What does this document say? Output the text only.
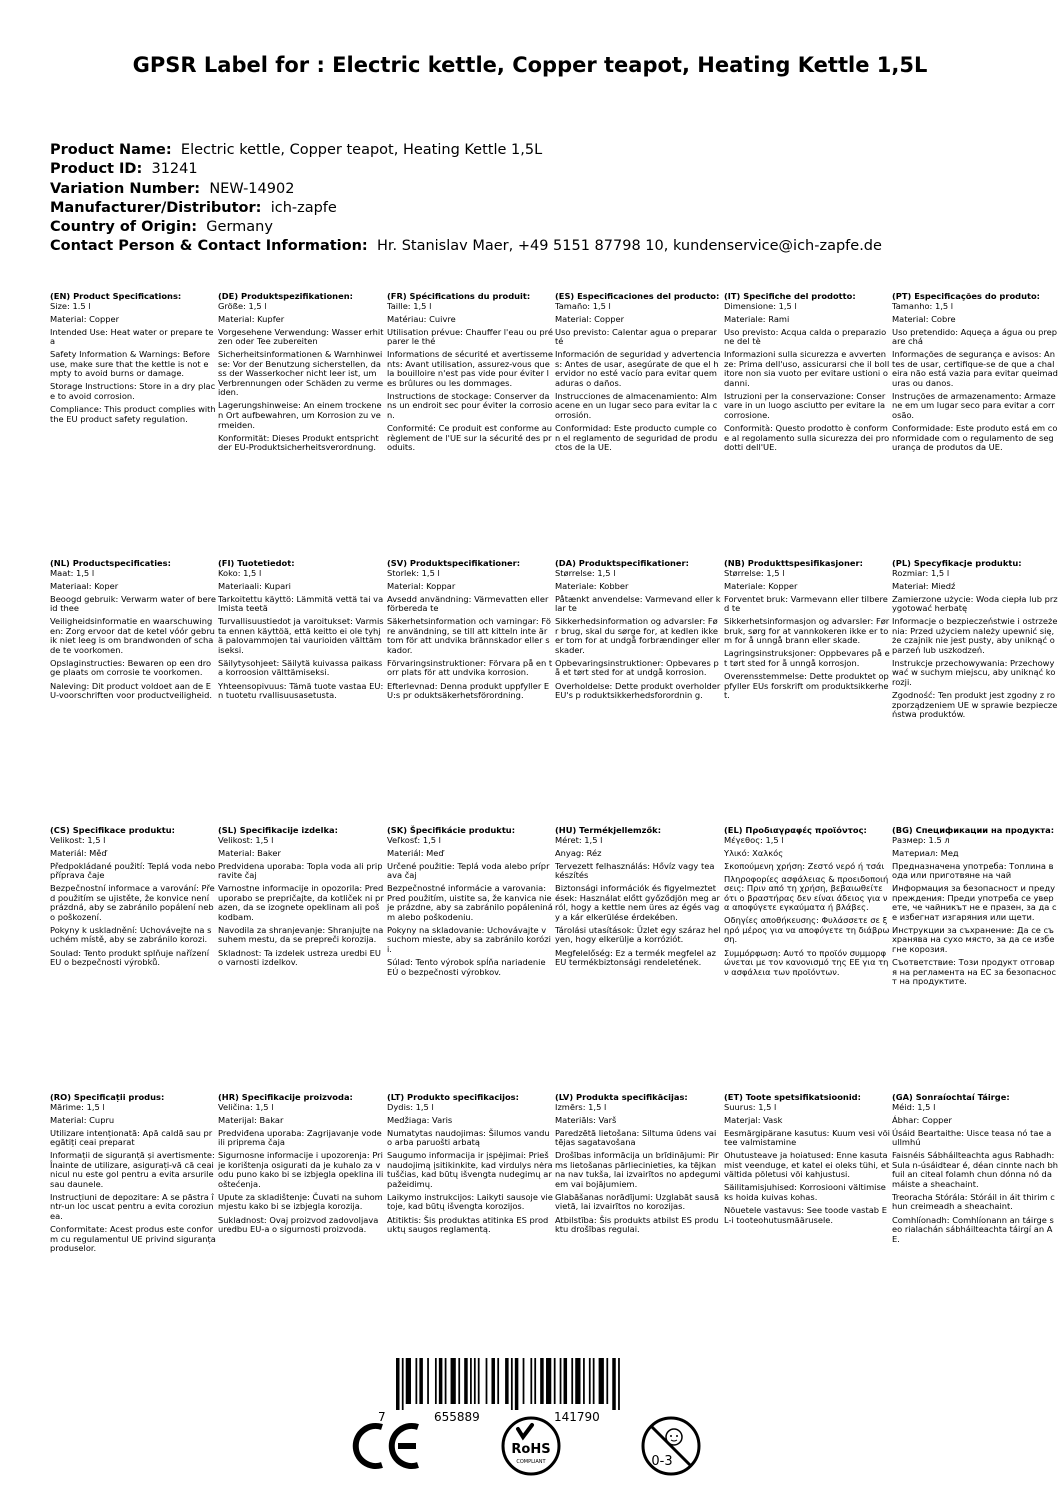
GPSR Label for : Electric kettle, Copper teapot, Heating Kettle 1,5L
Product Name: Electric kettle, Copper teapot, Heating Kettle 1,5L
Product ID: 31241
Variation Number: NEW-14902
Manufacturer/Distributor: ich-zapfe
Country of Origin: Germany
Contact Person & Contact Information: Hr. Stanislav Maer, +49 5151 87798 10, kundenservice@ich-zapfe.de
(EN) Product Specifications:
Size: 1.5 l
Material: Copper
Intended Use: Heat water or prepare tea
Safety Information & Warnings: Before use, make sure that the kettle is not empty to avoid burns or damage.
Storage Instructions: Store in a dry place to avoid corrosion.
Compliance: This product complies with the EU product safety regulation.
(DE) Produktspezifikationen:
Größe: 1,5 l
Material: Kupfer
Vorgesehene Verwendung: Wasser erhitzen oder Tee zubereiten
Sicherheitsinformationen & Warnhinweise: Vor der Benutzung sicherstellen, dass der Wasserkocher nicht leer ist, um Verbrennungen oder Schäden zu vermeiden.
Lagerungshinweise: An einem trockenen Ort aufbewahren, um Korrosion zu vermeiden.
Konformität: Dieses Produkt entspricht der EU-Produktsicherheitsverordnung.
(FR) Spécifications du produit:
Taille: 1,5 l
Matériau: Cuivre
Utilisation prévue: Chauffer l'eau ou préparer le thé
Informations de sécurité et avertissements: Avant utilisation, assurez-vous que la bouilloire n'est pas vide pour éviter les brûlures ou les dommages.
Instructions de stockage: Conserver dans un endroit sec pour éviter la corrosion.
Conformité: Ce produit est conforme au règlement de l'UE sur la sécurité des produits.
(ES) Especificaciones del producto:
Tamaño: 1,5 l
Material: Copper
Uso previsto: Calentar agua o preparar té
Información de seguridad y advertencias: Antes de usar, asegúrate de que el hervidor no esté vacío para evitar quemaduras o daños.
Instrucciones de almacenamiento: Almacene en un lugar seco para evitar la corrosión.
Conformidad: Este producto cumple con el reglamento de seguridad de productos de la UE.
(IT) Specifiche del prodotto:
Dimensione: 1,5 l
Materiale: Rami
Uso previsto: Acqua calda o preparazione del tè
Informazioni sulla sicurezza e avvertenze: Prima dell'uso, assicurarsi che il bollitore non sia vuoto per evitare ustioni o danni.
Istruzioni per la conservazione: Conservare in un luogo asciutto per evitare la corrosione.
Conformità: Questo prodotto è conforme al regolamento sulla sicurezza dei prodotti dell'UE.
(PT) Especificações do produto:
Tamanho: 1,5 l
Material: Cobre
Uso pretendido: Aqueça a água ou prepare chá
Informações de segurança e avisos: Antes de usar, certifique-se de que a chaleira não está vazia para evitar queimaduras ou danos.
Instruções de armazenamento: Armazene em um lugar seco para evitar a corrosão.
Conformidade: Este produto está em conformidade com o regulamento de segurança de produtos da UE.
(NL) Productspecificaties:
Maat: 1,5 l
Materiaal: Koper
Beoogd gebruik: Verwarm water of bereid thee
Veiligheidsinformatie en waarschuwingen: Zorg ervoor dat de ketel vóór gebruik niet leeg is om brandwonden of schade te voorkomen.
Opslaginstructies: Bewaren op een droge plaats om corrosie te voorkomen.
Naleving: Dit product voldoet aan de EU-voorschriften voor productveiligheid.
(FI) Tuotetiedot:
Koko: 1,5 l
Materiaali: Kupari
Tarkoitettu käyttö: Lämmitä vettä tai valmista teetä
Turvallisuustiedot ja varoitukset: Varmista ennen käyttöä, että keitto ei ole tyhjä palovammojen tai vaurioiden välttämiseksi.
Säilytysohjeet: Säilytä kuivassa paikassa korroosion välttämiseksi.
Yhteensopivuus: Tämä tuote vastaa EU:n tuotetu rvallisuusasetusta.
(SV) Produktspecifikationer:
Storlek: 1,5 l
Material: Koppar
Avsedd användning: Värmevatten eller förbereda te
Säkerhetsinformation och varningar: Före användning, se till att kitteln inte är tom för att undvika brännskador eller skador.
Förvaringsinstruktioner: Förvara på en torr plats för att undvika korrosion.
Efterlevnad: Denna produkt uppfyller EU:s pr oduktsäkerhetsförordning.
(DA) Produktspecifikationer:
Størrelse: 1,5 l
Materiale: Kobber
Påtænkt anvendelse: Varmevand eller klar te
Sikkerhedsinformation og advarsler: Før brug, skal du sørge for, at kedlen ikke er tom for at undgå forbrændinger eller skader.
Opbevaringsinstruktioner: Opbevares på et tørt sted for at undgå korrosion.
Overholdelse: Dette produkt overholder EU's p roduktsikkerhedsforordnin g.
(NB) Produkttspesifikasjoner:
Størrelse: 1,5 l
Materiale: Kopper
Forventet bruk: Varmevann eller tilbered te
Sikkerhetsinformasjon og advarsler: Før bruk, sørg for at vannkokeren ikke er tom for å unngå brann eller skade.
Lagringsinstruksjoner: Oppbevares på et tørt sted for å unngå korrosjon.
Overensstemmelse: Dette produktet oppfyller EUs forskrift om produktsikkerhet.
(PL) Specyfikacje produktu:
Rozmiar: 1,5 l
Materiał: Miedź
Zamierzone użycie: Woda ciepła lub przygotować herbatę
Informacje o bezpieczeństwie i ostrzeżenia: Przed użyciem należy upewnić się, że czajnik nie jest pusty, aby uniknąć oparzeń lub uszkodzeń.
Instrukcje przechowywania: Przechowywać w suchym miejscu, aby uniknąć korozji.
Zgodność: Ten produkt jest zgodny z rozporządzeniem UE w sprawie bezpieczeństwa produktów.
(CS) Specifikace produktu:
Velikost: 1,5 l
Materiál: Měď
Předpokládané použití: Teplá voda nebo příprava čaje
Bezpečnostní informace a varování: Před použitím se ujistěte, že konvice není prázdná, aby se zabránilo popálení nebo poškození.
Pokyny k uskladnění: Uchovávejte na suchém místě, aby se zabránilo korozi.
Soulad: Tento produkt splňuje nařízení EU o bezpečnosti výrobků.
(SL) Specifikacije izdelka:
Velikost: 1,5 l
Material: Baker
Predvidena uporaba: Topla voda ali pripravite čaj
Varnostne informacije in opozorila: Pred uporabo se prepričajte, da kotliček ni prazen, da se izognete opeklinam ali poškodbam.
Navodila za shranjevanje: Shranjujte na suhem mestu, da se prepreči korozija.
Skladnost: Ta izdelek ustreza uredbi EU o varnosti izdelkov.
(SK) Špecifikácie produktu:
Veľkosť: 1,5 l
Materiál: Meď
Určené použitie: Teplá voda alebo príprava čaj
Bezpečnostné informácie a varovania: Pred použitím, uistite sa, že kanvica nie je prázdne, aby sa zabránilo popáleninám alebo poškodeniu.
Pokyny na skladovanie: Uchovávajte v suchom mieste, aby sa zabránilo korózii.
Súlad: Tento výrobok spĺňa nariadenie EÚ o bezpečnosti výrobkov.
(HU) Termékjellemzők:
Méret: 1,5 l
Anyag: Réz
Tervezett felhasználás: Hővíz vagy tea készítés
Biztonsági információk és figyelmeztetések: Használat előtt győződjön meg arról, hogy a kettle nem üres az égés vagy a kár elkerülése érdekében.
Tárolási utasítások: Üzlet egy száraz helyen, hogy elkerülje a korróziót.
Megfelelőség: Ez a termék megfelel az EU termékbiztonsági rendeletének.
(EL) Προδιαγραφές προϊόντος:
Μέγεθος: 1,5 l
Υλικό: Χαλκός
Σκοπούμενη χρήση: Ζεστό νερό ή τσάι
Πληροφορίες ασφάλειας & προειδοποιήσεις: Πριν από τη χρήση, βεβαιωθείτε ότι ο βραστήρας δεν είναι άδειος για να αποφύγετε εγκαύματα ή βλάβες.
Οδηγίες αποθήκευσης: Φυλάσσετε σε ξηρό μέρος για να αποφύγετε τη διάβρωση.
Συμμόρφωση: Αυτό το προϊόν συμμορφώνεται με τον κανονισμό της ΕΕ για την ασφάλεια των προϊόντων.
(BG) Спецификации на продукта:
Размер: 1.5 л
Материал: Мед
Предназначена употреба: Топлина вода или приготвяне на чай
Информация за безопасност и предупреждения: Преди употреба се уверете, че чайникът не е празен, за да се избегнат изгаряния или щети.
Инструкции за съхранение: Да се съхранява на сухо място, за да се избегне корозия.
Съответствие: Този продукт отговаря на регламента на ЕС за безопасност на продуктите.
(RO) Specificații produs:
Mărime: 1,5 l
Material: Cupru
Utilizare intenționată: Apă caldă sau pregătiți ceai preparat
Informații de siguranță și avertismente: Înainte de utilizare, asigurați-vă că ceainicul nu este gol pentru a evita arsurile sau daunele.
Instrucțiuni de depozitare: A se păstra într-un loc uscat pentru a evita coroziunea.
Conformitate: Acest produs este conform cu regulamentul UE privind siguranța produselor.
(HR) Specifikacije proizvoda:
Veličina: 1,5 l
Materijal: Bakar
Predviđena uporaba: Zagrijavanje vode ili priprema čaja
Sigurnosne informacije i upozorenja: Prije korištenja osigurati da je kuhalo za vodu puno kako bi se izbjegla opeklina ili oštećenja.
Upute za skladištenje: Čuvati na suhom mjestu kako bi se izbjegla korozija.
Sukladnost: Ovaj proizvod zadovoljava uredbu EU-a o sigurnosti proizvoda.
(LT) Produkto specifikacijos:
Dydis: 1,5 l
Medžiaga: Varis
Numatytas naudojimas: Šilumos vanduo arba paruošti arbatą
Saugumo informacija ir įspėjimai: Prieš naudojimą įsitikinkite, kad virdulys nėra tuščias, kad būtų išvengta nudegimų ar pažeidimų.
Laikymo instrukcijos: Laikyti sausoje vietoje, kad būtų išvengta korozijos.
Atitiktis: Šis produktas atitinka ES produktų saugos reglamentą.
(LV) Produkta specifikācijas:
Izmērs: 1,5 l
Materiāls: Varš
Paredzētā lietošana: Siltuma ūdens vai tējas sagatavošana
Drošības informācija un brīdinājumi: Pirms lietošanas pārliecinieties, ka tējkanna nav tukša, lai izvairītos no apdegumiem vai bojājumiem.
Glabāšanas norādījumi: Uzglabāt sausā vietā, lai izvairītos no korozijas.
Atbilstība: Šis produkts atbilst ES produktu drošības regulai.
(ET) Toote spetsifikatsioonid:
Suurus: 1,5 l
Materjal: Vask
Eesmärgipärane kasutus: Kuum vesi või tee valmistamine
Ohutusteave ja hoiatused: Enne kasutamist veenduge, et katel ei oleks tühi, et vältida põletusi või kahjustusi.
Säilitamisjuhised: Korrosiooni vältimiseks hoida kuivas kohas.
Nõuetele vastavus: See toode vastab EL-i tooteohutusmäärusele.
(GA) Sonraíochtaí Táirge:
Méid: 1,5 l
Ábhar: Copper
Úsáid Beartaithe: Uisce teasa nó tae a ullmhú
Faisnéis Sábháilteachta agus Rabhadh: Sula n-úsáidtear é, déan cinnte nach bhfuil an citeal folamh chun dónna nó damáiste a sheachaint.
Treoracha Stórála: Stóráil in áit thirim chun creimeadh a sheachaint.
Comhlíonadh: Comhlíonann an táirge seo rialachán sábháilteachta táirgí an AE.
7	655889	141790
RoHS
COMPLIANT	0-3
